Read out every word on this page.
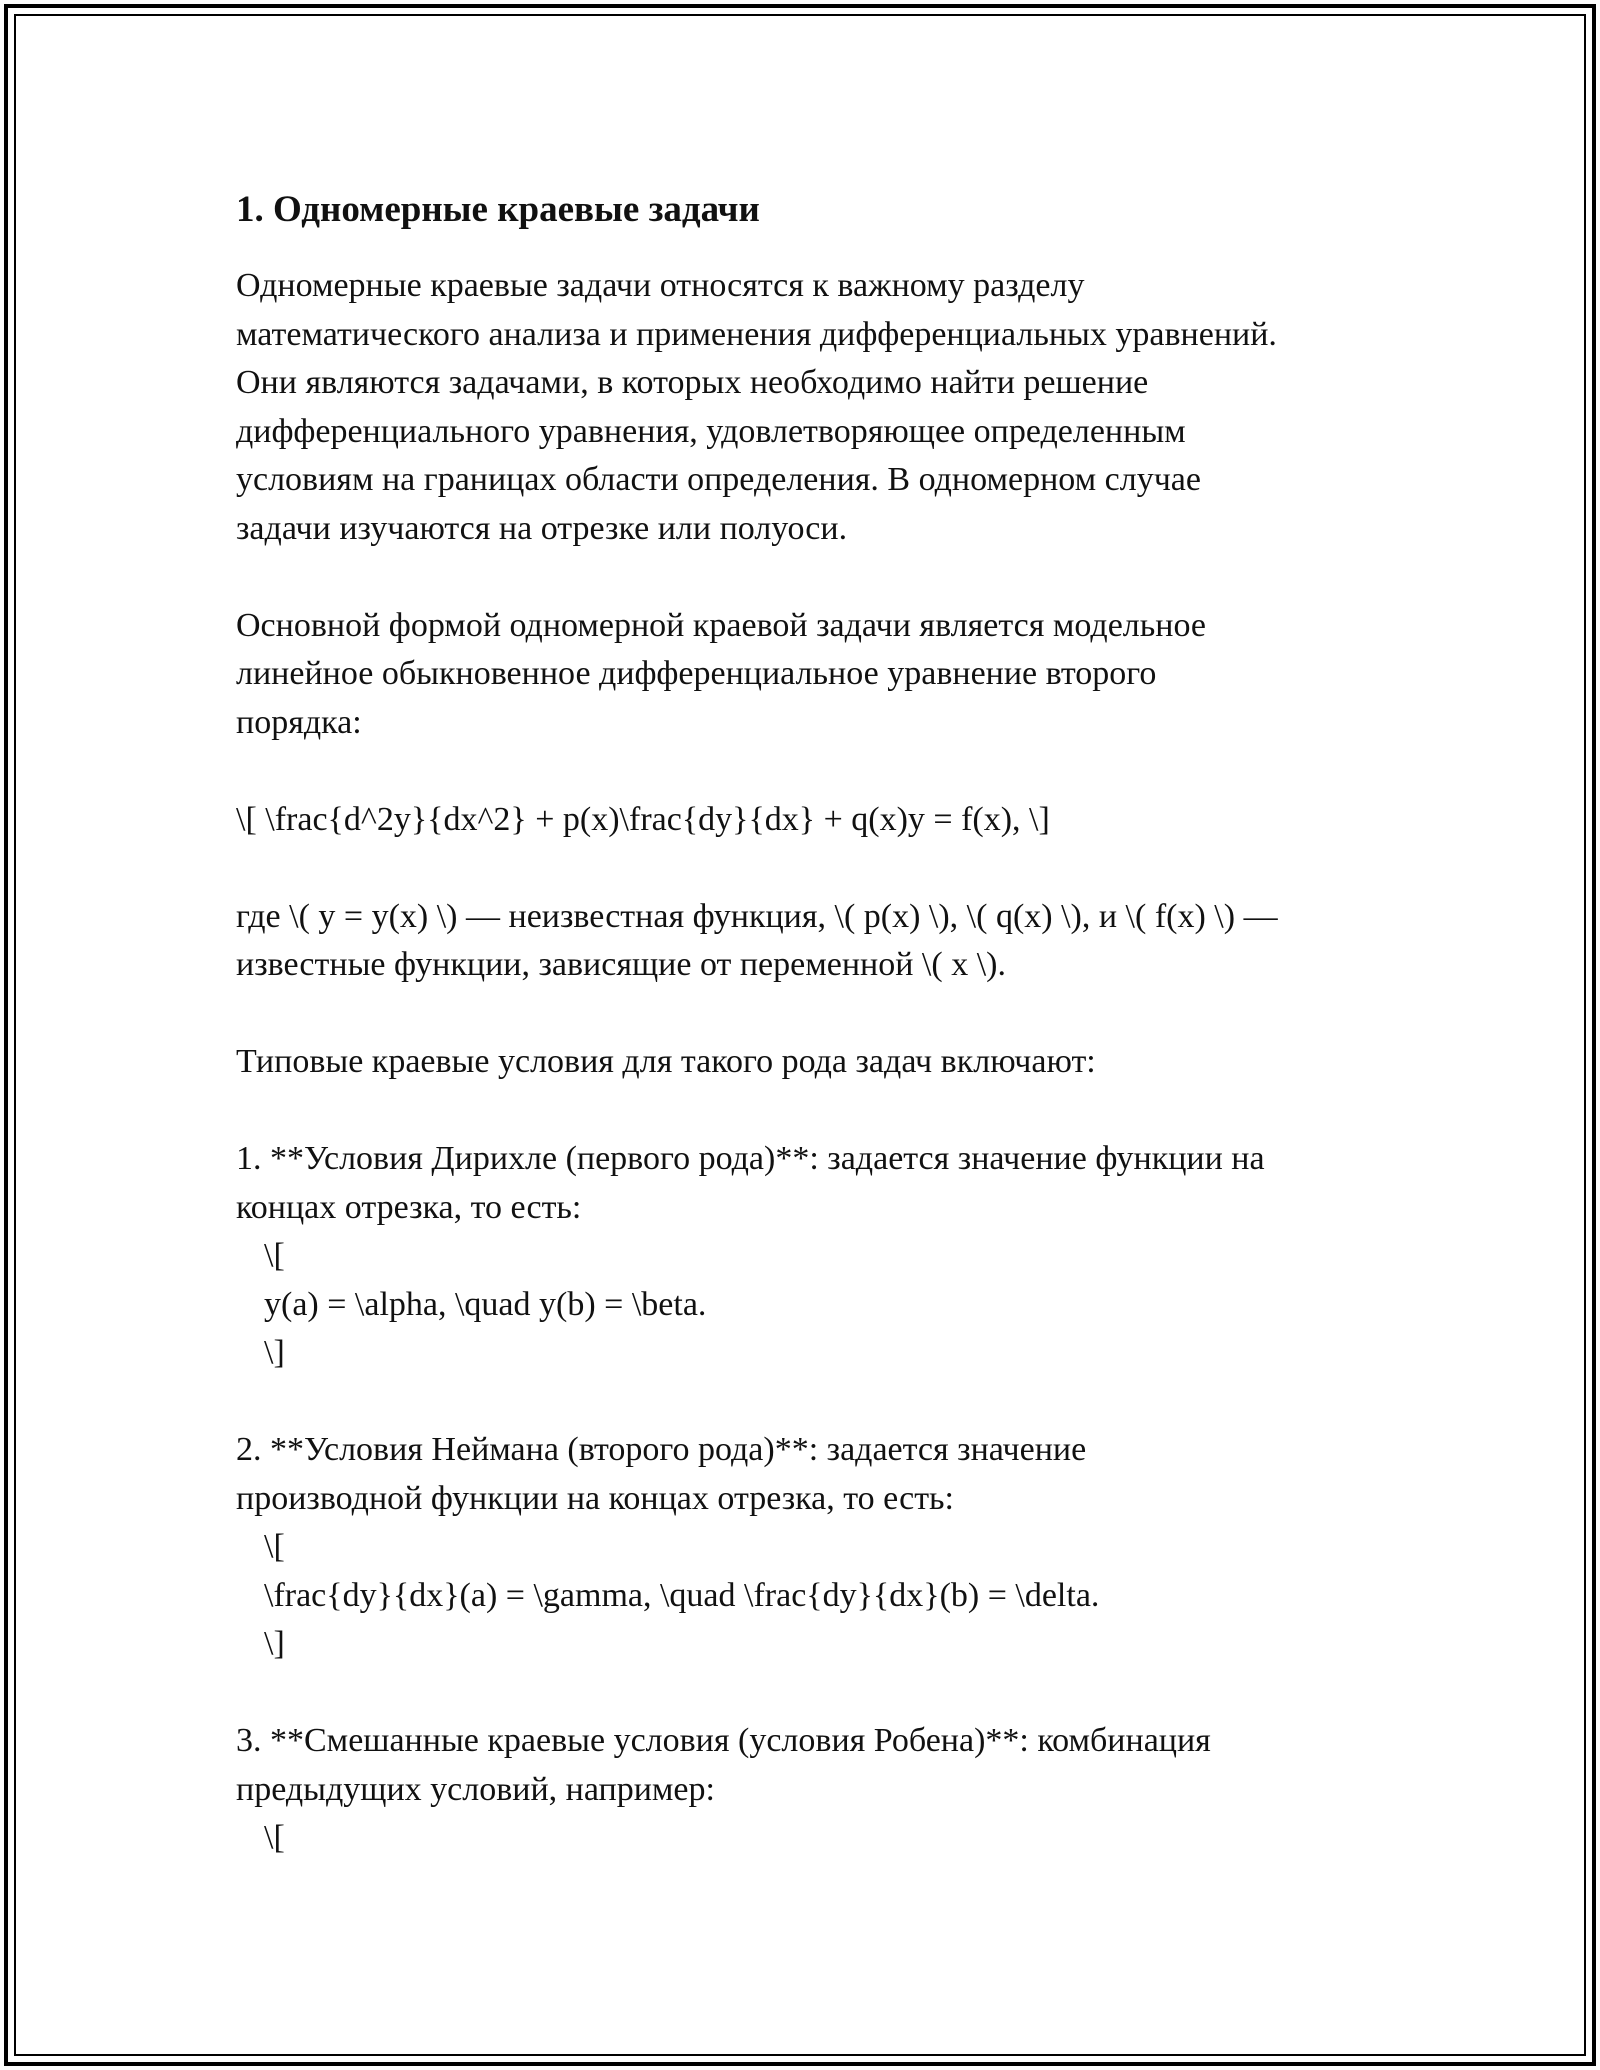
1. Одномерные краевые задачи
Одномерные краевые задачи относятся к важному разделу
математического анализа и применения дифференциальных уравнений.
Они являются задачами, в которых необходимо найти решение
дифференциального уравнения, удовлетворяющее определенным
условиям на границах области определения. В одномерном случае
задачи изучаются на отрезке или полуоси.
Основной формой одномерной краевой задачи является модельное
линейное обыкновенное дифференциальное уравнение второго
порядка:
\[ \frac{d^2y}{dx^2} + p(x)\frac{dy}{dx} + q(x)y = f(x), \]
где \( y = y(x) \) — неизвестная функция, \( p(x) \), \( q(x) \), и \( f(x) \) —
известные функции, зависящие от переменной \( x \).
Типовые краевые условия для такого рода задач включают:
1. **Условия Дирихле (первого рода)**: задается значение функции на
концах отрезка, то есть:
\[
y(a) = \alpha, \quad y(b) = \beta.
\]
2. **Условия Неймана (второго рода)**: задается значение
производной функции на концах отрезка, то есть:
\[
\frac{dy}{dx}(a) = \gamma, \quad \frac{dy}{dx}(b) = \delta.
\]
3. **Смешанные краевые условия (условия Робена)**: комбинация
предыдущих условий, например:
\[
